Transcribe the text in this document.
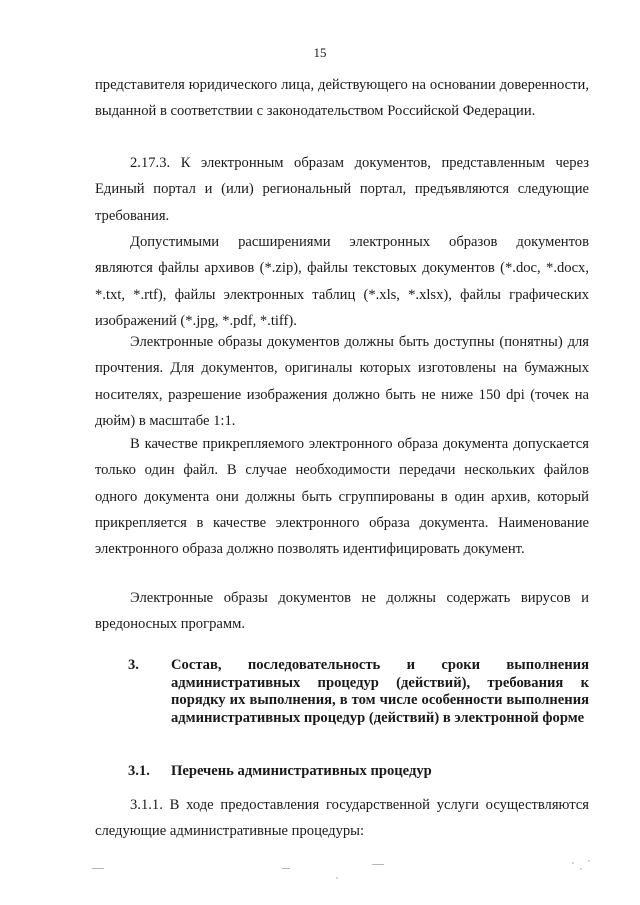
15

представителя юридического лица, действующего на основании доверенности, выданной в соответствии с законодательством Российской Федерации.

2.17.3. К электронным образам документов, представленным через Единый портал и (или) региональный портал, предъявляются следующие требования.

Допустимыми расширениями электронных образов документов являются файлы архивов (*.zip), файлы текстовых документов (*.doc, *.docx, *.txt, *.rtf), файлы электронных таблиц (*.xls, *.xlsx), файлы графических изображений (*.jpg, *.pdf, *.tiff).

Электронные образы документов должны быть доступны (понятны) для прочтения. Для документов, оригиналы которых изготовлены на бумажных носителях, разрешение изображения должно быть не ниже 150 dpi (точек на дюйм) в масштабе 1:1.

В качестве прикрепляемого электронного образа документа допускается только один файл. В случае необходимости передачи нескольких файлов одного документа они должны быть сгруппированы в один архив, который прикрепляется в качестве электронного образа документа. Наименование электронного образа должно позволять идентифицировать документ.

Электронные образы документов не должны содержать вирусов и вредоносных программ.

3. Состав, последовательность и сроки выполнения административных процедур (действий), требования к порядку их выполнения, в том числе особенности выполнения административных процедур (действий) в электронной форме
3.1. Перечень административных процедур

3.1.1. В ходе предоставления государственной услуги осуществляются следующие административные процедуры:
